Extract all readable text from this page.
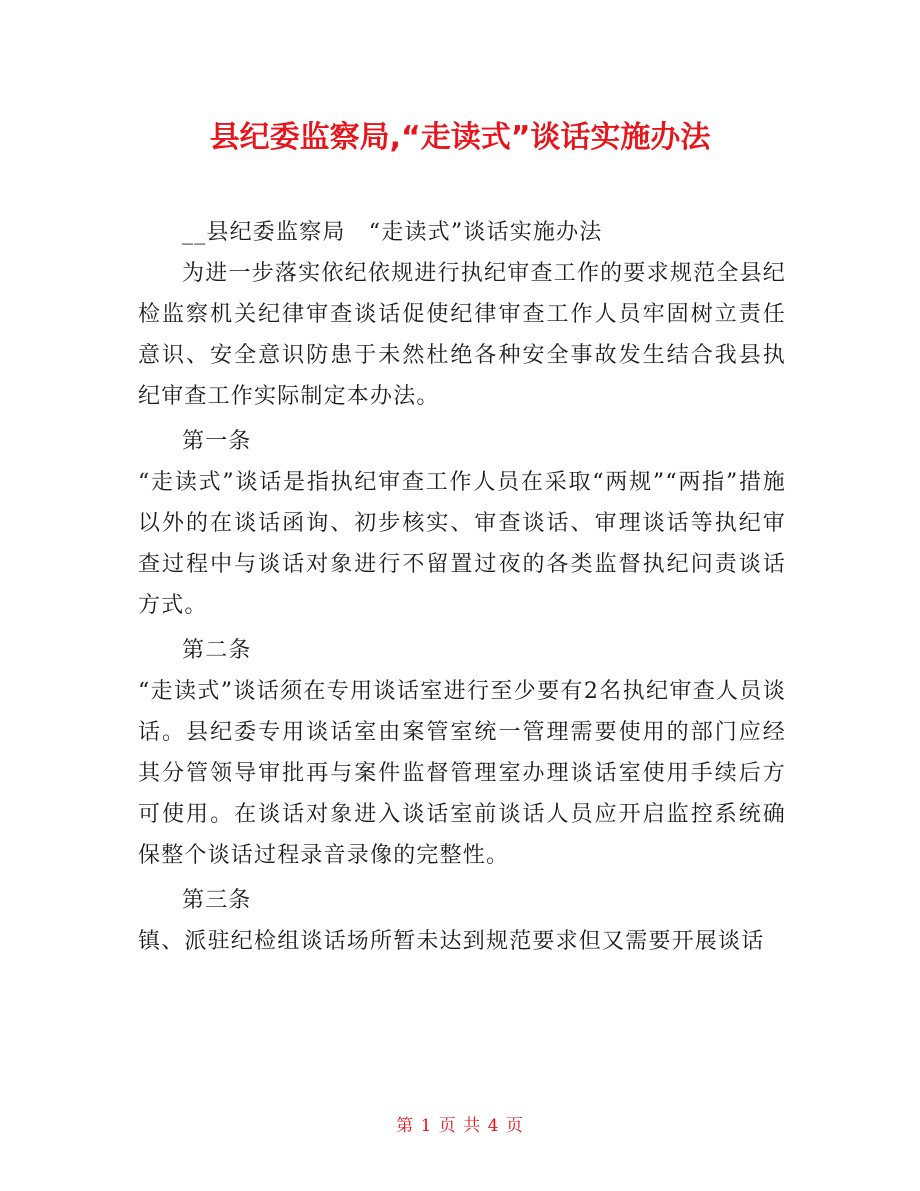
县纪委监察局,“走读式”谈话实施办法

__县纪委监察局　“走读式”谈话实施办法

为进一步落实依纪依规进行执纪审查工作的要求规范全县纪检监察机关纪律审查谈话促使纪律审查工作人员牢固树立责任意识、安全意识防患于未然杜绝各种安全事故发生结合我县执纪审查工作实际制定本办法。

第一条

“走读式”谈话是指执纪审查工作人员在采取“两规”“两指”措施以外的在谈话函询、初步核实、审查谈话、审理谈话等执纪审查过程中与谈话对象进行不留置过夜的各类监督执纪问责谈话方式。

第二条

“走读式”谈话须在专用谈话室进行至少要有2名执纪审查人员谈话。县纪委专用谈话室由案管室统一管理需要使用的部门应经其分管领导审批再与案件监督管理室办理谈话室使用手续后方可使用。在谈话对象进入谈话室前谈话人员应开启监控系统确保整个谈话过程录音录像的完整性。

第三条

镇、派驻纪检组谈话场所暂未达到规范要求但又需要开展谈话

第 1 页 共 4 页
